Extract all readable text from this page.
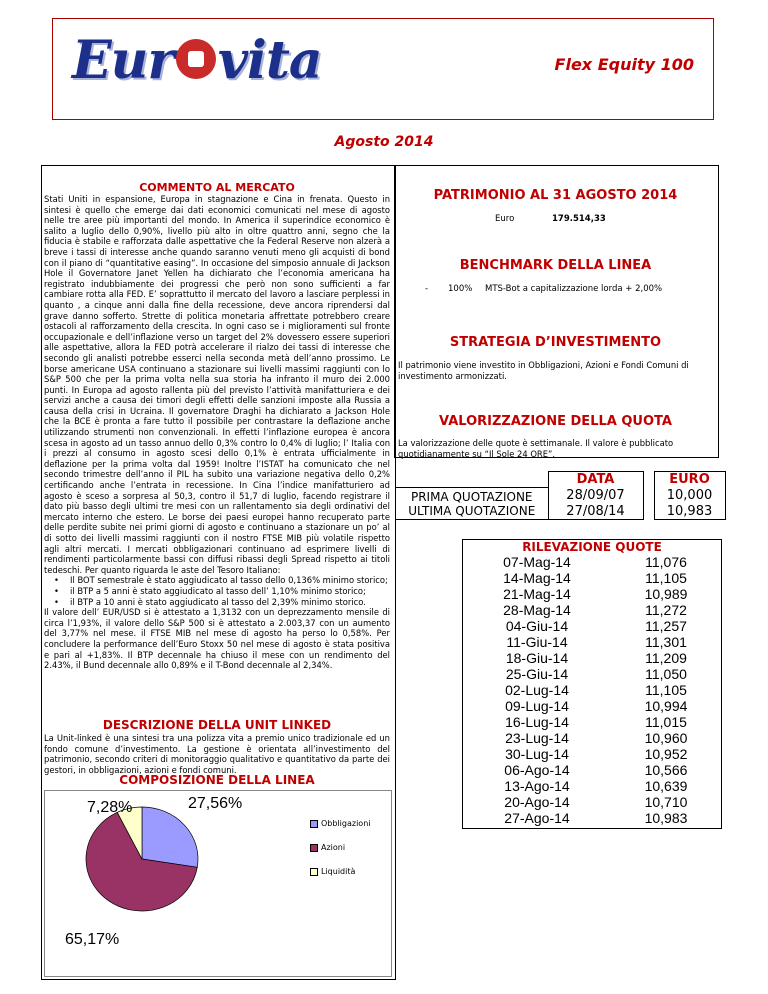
Eur vita	Flex Equity 100
Agosto 2014
COMMENTO AL MERCATO
Stati Uniti in espansione, Europa in stagnazione e Cina in frenata. Questo in sintesi è quello che emerge dai dati economici comunicati nel mese di agosto nelle tre aree più importanti del mondo. In America il superindice economico è salito a luglio dello 0,90%, livello più alto in oltre quattro anni, segno che la fiducia è stabile e rafforzata dalle aspettative che la Federal Reserve non alzerà a breve i tassi di interesse anche quando saranno venuti meno gli acquisti di bond con il piano di “quantitative easing”. In occasione del simposio annuale di Jackson Hole il Governatore Janet Yellen ha dichiarato che l’economia americana ha registrato indubbiamente dei progressi che però non sono sufficienti a far cambiare rotta alla FED. E’ soprattutto il mercato del lavoro a lasciare perplessi in quanto , a cinque anni dalla fine della recessione, deve ancora riprendersi dal grave danno sofferto. Strette di politica monetaria affrettate potrebbero creare ostacoli al rafforzamento della crescita. In ogni caso se i miglioramenti sul fronte occupazionale e dell’inflazione verso un target del 2% dovessero essere superiori alle aspettative, allora la FED potrà accelerare il rialzo dei tassi di interesse che secondo gli analisti potrebbe esserci nella seconda metà dell’anno prossimo. Le borse americane USA continuano a stazionare sui livelli massimi raggiunti con lo S&P 500 che per la prima volta nella sua storia ha infranto il muro dei 2.000 punti. In Europa ad agosto rallenta più del previsto l’attività manifatturiera e dei servizi anche a causa dei timori degli effetti delle sanzioni imposte alla Russia a causa della crisi in Ucraina. Il governatore Draghi ha dichiarato a Jackson Hole che la BCE è pronta a fare tutto il possibile per contrastare la deflazione anche utilizzando strumenti non convenzionali. In effetti l’inflazione europea è ancora scesa in agosto ad un tasso annuo dello 0,3% contro lo 0,4% di luglio; l’ Italia con i prezzi al consumo in agosto scesi dello 0,1% è entrata ufficialmente in deflazione per la prima volta dal 1959! Inoltre l’ISTAT ha comunicato che nel secondo trimestre dell’anno il PIL ha subito una variazione negativa dello 0,2% certificando anche l’entrata in recessione. In Cina l’indice manifatturiero ad agosto è sceso a sorpresa al 50,3, contro il 51,7 di luglio, facendo registrare il dato più basso degli ultimi tre mesi con un rallentamento sia degli ordinativi del mercato interno che estero. Le borse dei paesi europei hanno recuperato parte delle perdite subite nei primi giorni di agosto e continuano a stazionare un po’ al di sotto dei livelli massimi raggiunti con il nostro FTSE MIB più volatile rispetto agli altri mercati. I mercati obbligazionari continuano ad esprimere livelli di rendimenti particolarmente bassi con diffusi ribassi degli Spread rispetto ai titoli tedeschi. Per quanto riguarda le aste del Tesoro Italiano:
• Il BOT semestrale è stato aggiudicato al tasso dello 0,136% minimo storico;
• il BTP a 5 anni è stato aggiudicato al tasso dell’ 1,10% minimo storico;
• il BTP a 10 anni è stato aggiudicato al tasso del 2,39% minimo storico.
Il valore dell’ EUR/USD si è attestato a 1,3132 con un deprezzamento mensile di circa l’1,93%, il valore dello S&P 500 si è attestato a 2.003,37 con un aumento del 3,77% nel mese. il FTSE MIB nel mese di agosto ha perso lo 0,58%. Per concludere la performance dell’Euro Stoxx 50 nel mese di agosto è stata positiva e pari al +1,83%. Il BTP decennale ha chiuso il mese con un rendimento del 2.43%, il Bund decennale allo 0,89% e il T-Bond decennale al 2,34%.
DESCRIZIONE DELLA UNIT LINKED
La Unit-linked è una sintesi tra una polizza vita a premio unico tradizionale ed un fondo comune d’investimento. La gestione è orientata all’investimento del patrimonio, secondo criteri di monitoraggio qualitativo e quantitativo da parte dei gestori, in obbligazioni, azioni e fondi comuni.
COMPOSIZIONE DELLA LINEA
7,28%	27,56%
65,17%
Obbligazioni
Azioni
Liquidità
PATRIMONIO AL 31 AGOSTO 2014
Euro	179.514,33
BENCHMARK DELLA LINEA
- 100% MTS-Bot a capitalizzazione lorda + 2,00%
STRATEGIA D’INVESTIMENTO
Il patrimonio viene investito in Obbligazioni, Azioni e Fondi Comuni di investimento armonizzati.
VALORIZZAZIONE DELLA QUOTA
La valorizzazione delle quote è settimanale. Il valore è pubblicato quotidianamente su “Il Sole 24 ORE”.
	DATA		EURO
PRIMA QUOTAZIONE	28/09/07		10,000
ULTIMA QUOTAZIONE	27/08/14		10,983
RILEVAZIONE QUOTE
07-Mag-14	11,076
14-Mag-14	11,105
21-Mag-14	10,989
28-Mag-14	11,272
04-Giu-14	11,257
11-Giu-14	11,301
18-Giu-14	11,209
25-Giu-14	11,050
02-Lug-14	11,105
09-Lug-14	10,994
16-Lug-14	11,015
23-Lug-14	10,960
30-Lug-14	10,952
06-Ago-14	10,566
13-Ago-14	10,639
20-Ago-14	10,710
27-Ago-14	10,983
